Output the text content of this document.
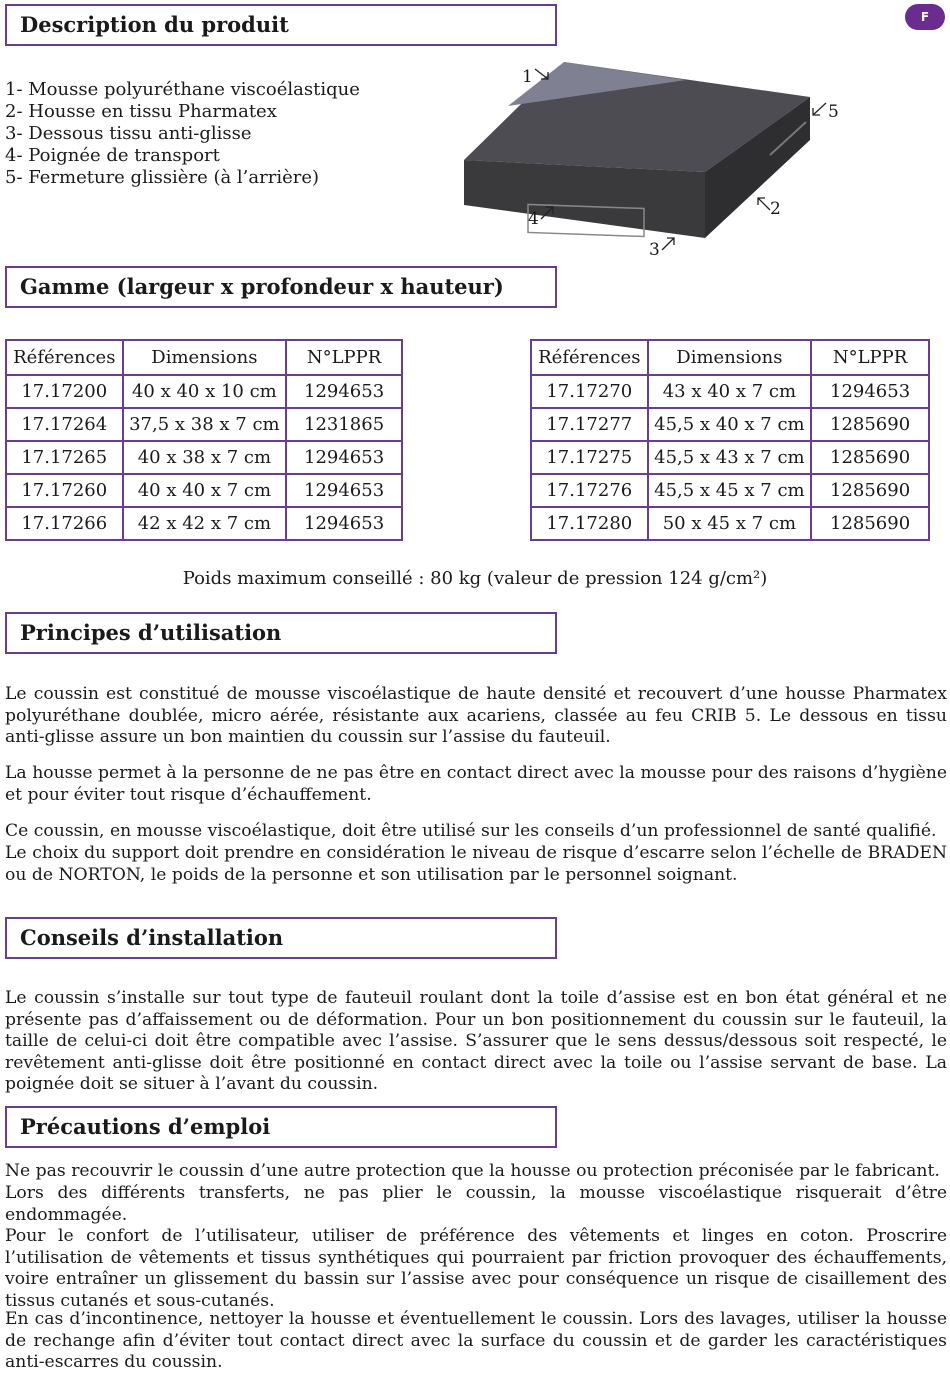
F
Description du produit
1- Mousse polyuréthane viscoélastique
2- Housse en tissu Pharmatex
3- Dessous tissu anti-glisse
4- Poignée de transport
5- Fermeture glissière (à l’arrière)
1
5
2
3
4
Gamme (largeur x profondeur x hauteur)
Références	Dimensions	N°LPPR
17.17200	40 x 40 x 10 cm	1294653
17.17264	37,5 x 38 x 7 cm	1231865
17.17265	40 x 38 x 7 cm	1294653
17.17260	40 x 40 x 7 cm	1294653
17.17266	42 x 42 x 7 cm	1294653
Références	Dimensions	N°LPPR
17.17270	43 x 40 x 7 cm	1294653
17.17277	45,5 x 40 x 7 cm	1285690
17.17275	45,5 x 43 x 7 cm	1285690
17.17276	45,5 x 45 x 7 cm	1285690
17.17280	50 x 45 x 7 cm	1285690
Poids maximum conseillé : 80 kg (valeur de pression 124 g/cm²)
Principes d’utilisation

Le coussin est constitué de mousse viscoélastique de haute densité et recouvert d’une housse Pharmatex polyuréthane doublée, micro aérée, résistante aux acariens, classée au feu CRIB 5. Le dessous en tissu anti-glisse assure un bon maintien du coussin sur l’assise du fauteuil.

La housse permet à la personne de ne pas être en contact direct avec la mousse pour des raisons d’hygiène et pour éviter tout risque d’échauffement.

Ce coussin, en mousse viscoélastique, doit être utilisé sur les conseils d’un professionnel de santé qualifié.

Le choix du support doit prendre en considération le niveau de risque d’escarre selon l’échelle de BRADEN ou de NORTON, le poids de la personne et son utilisation par le personnel soignant.

Conseils d’installation

Le coussin s’installe sur tout type de fauteuil roulant dont la toile d’assise est en bon état général et ne présente pas d’affaissement ou de déformation. Pour un bon positionnement du coussin sur le fauteuil, la taille de celui-ci doit être compatible avec l’assise. S’assurer que le sens dessus/dessous soit respecté, le revêtement anti-glisse doit être positionné en contact direct avec la toile ou l’assise servant de base. La poignée doit se situer à l’avant du coussin.

Précautions d’emploi

Ne pas recouvrir le coussin d’une autre protection que la housse ou protection préconisée par le fabricant.

Lors des différents transferts, ne pas plier le coussin, la mousse viscoélastique risquerait d’être endommagée.

Pour le confort de l’utilisateur, utiliser de préférence des vêtements et linges en coton. Proscrire l’utilisation de vêtements et tissus synthétiques qui pourraient par friction provoquer des échauffements, voire entraîner un glissement du bassin sur l’assise avec pour conséquence un risque de cisaillement des tissus cutanés et sous-cutanés.

En cas d’incontinence, nettoyer la housse et éventuellement le coussin. Lors des lavages, utiliser la housse de rechange afin d’éviter tout contact direct avec la surface du coussin et de garder les caractéristiques anti-escarres du coussin.
